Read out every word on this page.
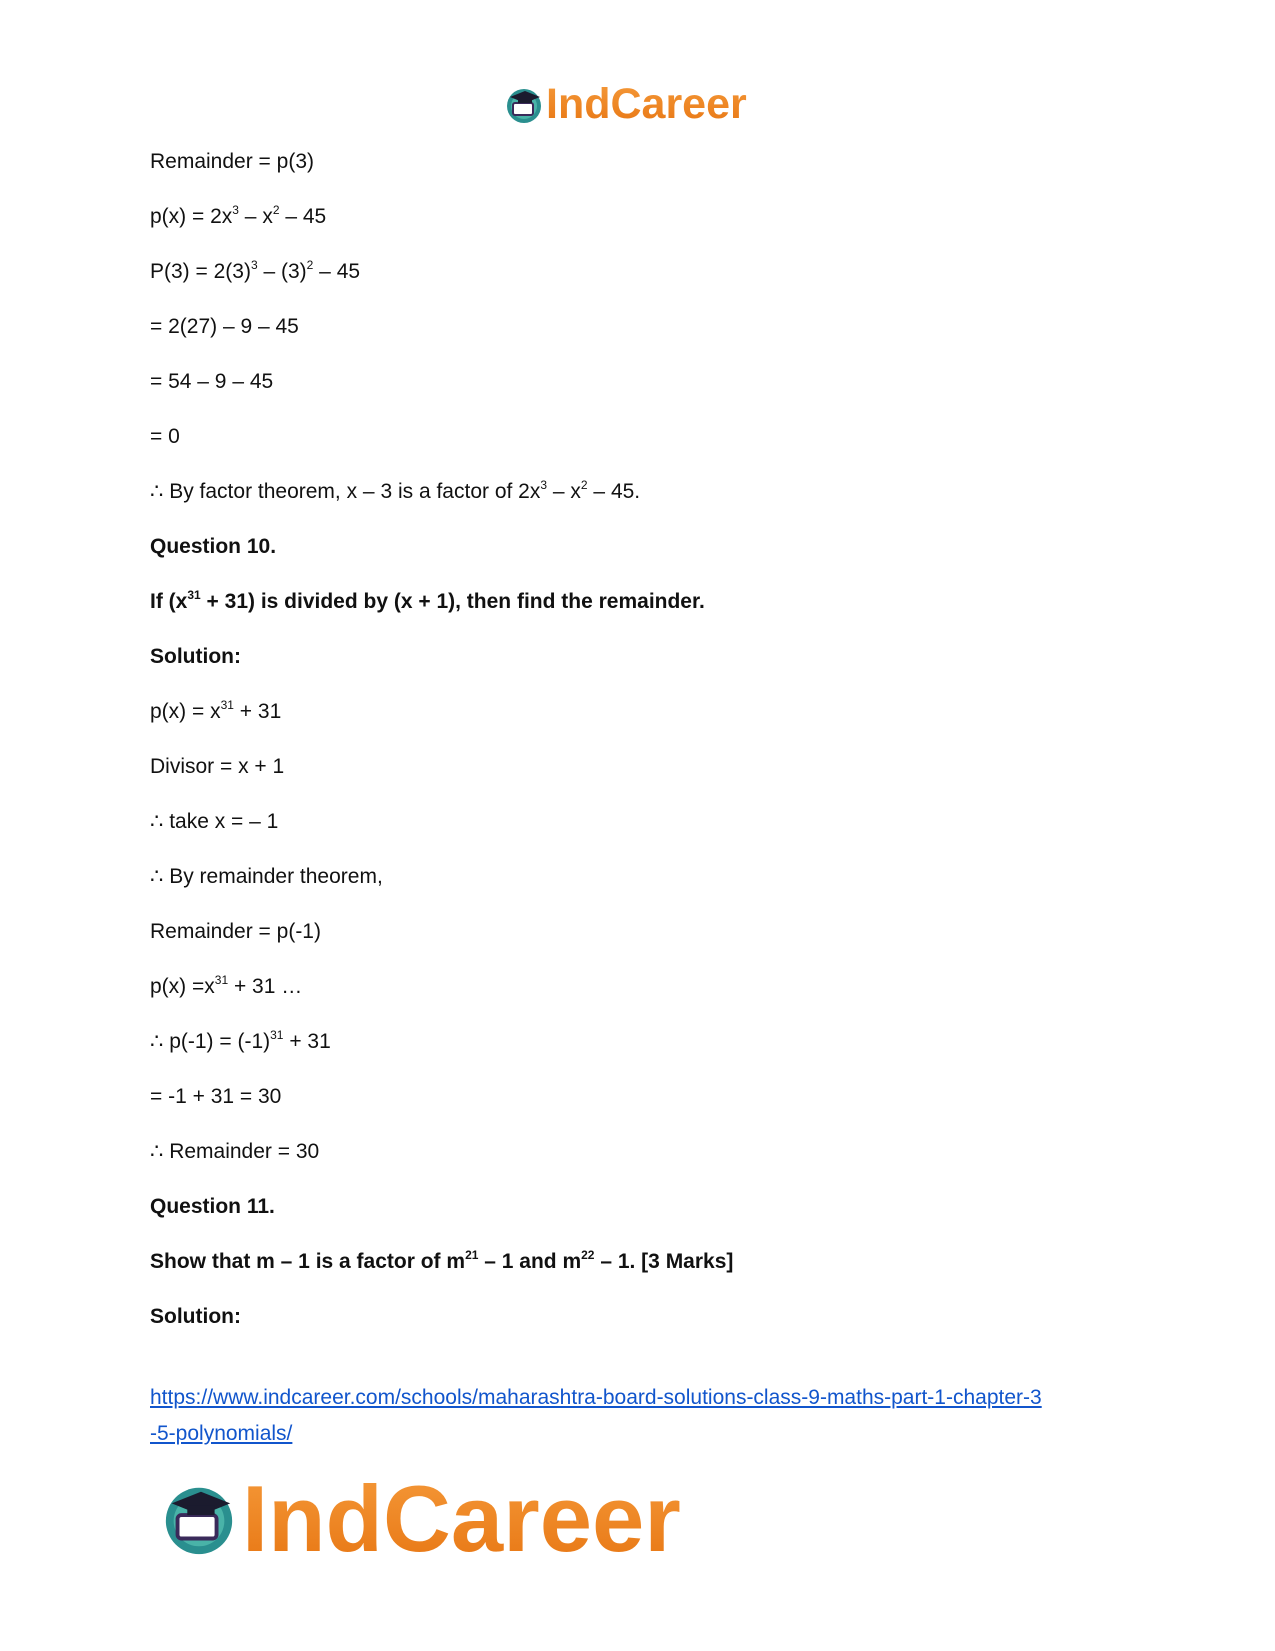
IndCareer
Remainder = p(3)
$p(x) = 2x^3 - x^2 - 45$
$P(3) = 2(3)^3 - (3)^2 - 45$
= 2(27) – 9 – 45
= 54 – 9 – 45
= 0
∴ By factor theorem, x – 3 is a factor of $2x^3 - x^2 - 45$.
Question 10.
If $(x^{31} + 31)$ is divided by (x + 1), then find the remainder.
Solution:
$p(x) = x^{31} + 31$
Divisor = x + 1
∴ take x = – 1
∴ By remainder theorem,
Remainder = p(-1)
$p(x) =x^{31} + 31$ …
∴ $p(-1) = (-1)^{31} + 31$
= -1 + 31 = 30
∴ Remainder = 30
Question 11.
Show that m – 1 is a factor of $m^{21} - 1$ and $m^{22} - 1$. [3 Marks]
Solution:
https://www.indcareer.com/schools/maharashtra-board-solutions-class-9-maths-part-1-chapter-3
-5-polynomials/
IndCareer
